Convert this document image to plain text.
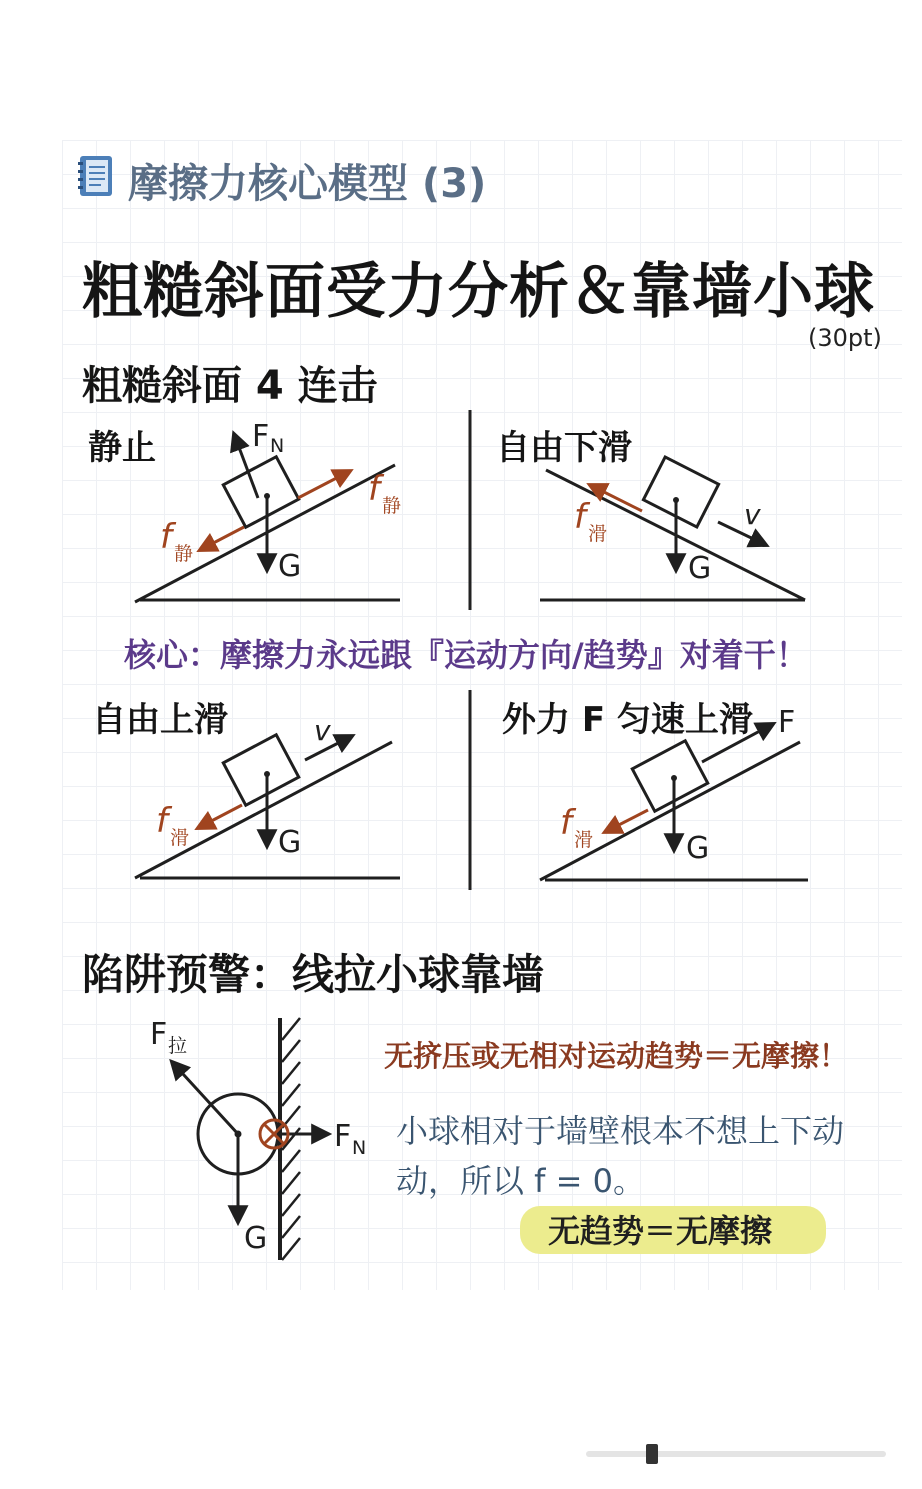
摩擦力核心模型 (3)
粗糙斜面受力分析＆靠墙小球
(30pt)
粗糙斜面 4 连击
静止	自由下滑
自由上滑	外力 F 匀速上滑
核心：摩擦力永远跟『运动方向/趋势』对着干！
陷阱预警：线拉小球靠墙
无挤压或无相对运动趋势＝无摩擦！
小球相对于墙壁根本不想上下动
动，所以 f = 0。
无趋势＝无摩擦
F N
G
f 静
f 静	G
f 滑
v
G
f 滑
v
G
F
f 滑
F 拉
F N
G
